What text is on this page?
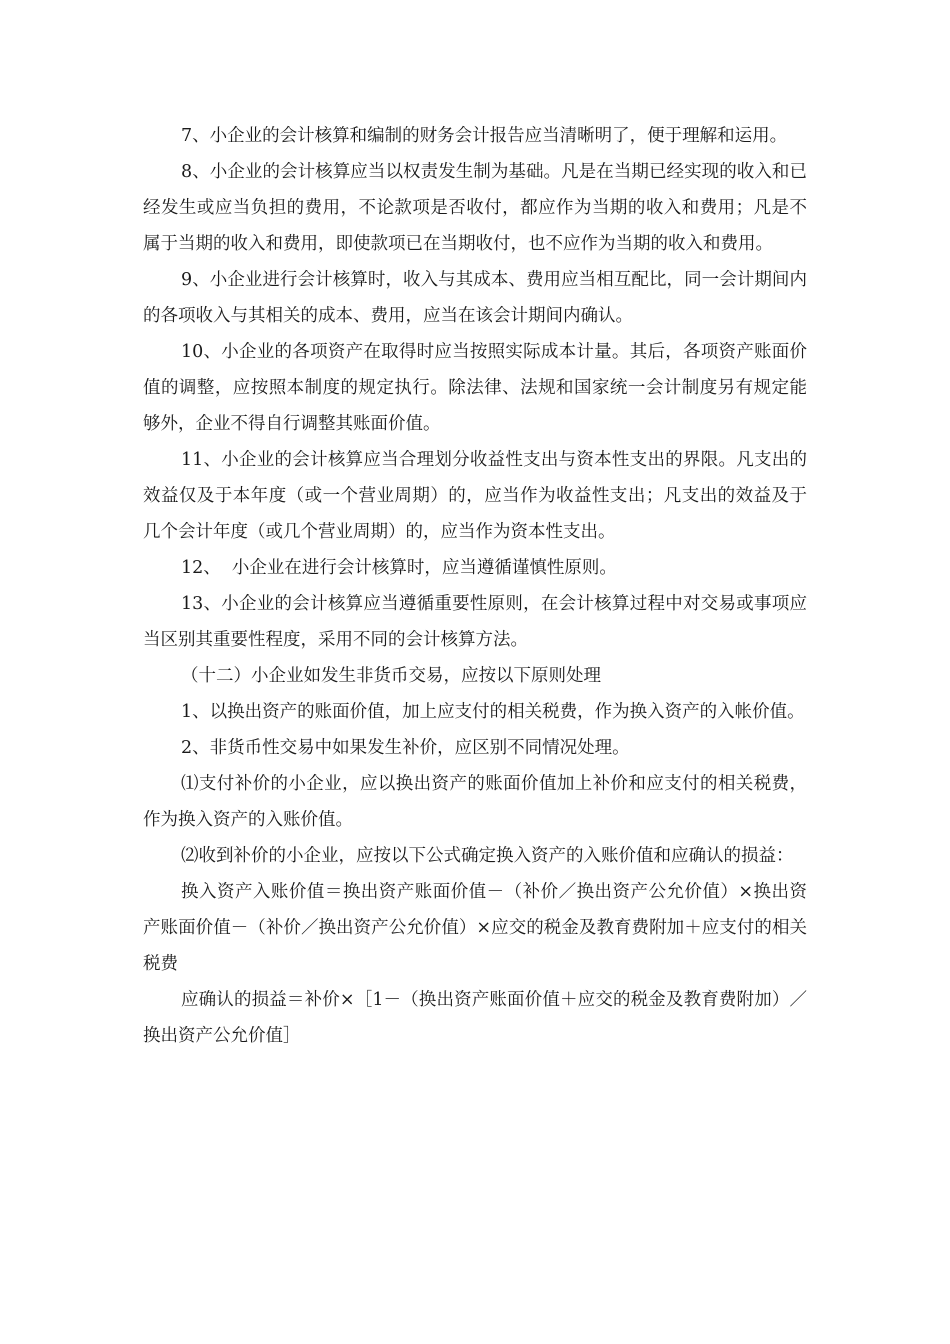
7、小企业的会计核算和编制的财务会计报告应当清晰明了，便于理解和运用。

8、小企业的会计核算应当以权责发生制为基础。凡是在当期已经实现的收入和已经发生或应当负担的费用，不论款项是否收付，都应作为当期的收入和费用；凡是不属于当期的收入和费用，即使款项已在当期收付，也不应作为当期的收入和费用。

9、小企业进行会计核算时，收入与其成本、费用应当相互配比，同一会计期间内的各项收入与其相关的成本、费用，应当在该会计期间内确认。

10、小企业的各项资产在取得时应当按照实际成本计量。其后，各项资产账面价值的调整，应按照本制度的规定执行。除法律、法规和国家统一会计制度另有规定能够外，企业不得自行调整其账面价值。

11、小企业的会计核算应当合理划分收益性支出与资本性支出的界限。凡支出的效益仅及于本年度（或一个营业周期）的，应当作为收益性支出；凡支出的效益及于几个会计年度（或几个营业周期）的，应当作为资本性支出。

12、  小企业在进行会计核算时，应当遵循谨慎性原则。

13、小企业的会计核算应当遵循重要性原则，在会计核算过程中对交易或事项应当区别其重要性程度，采用不同的会计核算方法。

（十二）小企业如发生非货币交易，应按以下原则处理

1、以换出资产的账面价值，加上应支付的相关税费，作为换入资产的入帐价值。

2、非货币性交易中如果发生补价，应区别不同情况处理。

⑴支付补价的小企业，应以换出资产的账面价值加上补价和应支付的相关税费，作为换入资产的入账价值。

⑵收到补价的小企业，应按以下公式确定换入资产的入账价值和应确认的损益：

换入资产入账价值＝换出资产账面价值－（补价／换出资产公允价值）×换出资产账面价值－（补价／换出资产公允价值）×应交的税金及教育费附加＋应支付的相关税费

应确认的损益＝补价×［1－（换出资产账面价值＋应交的税金及教育费附加）／换出资产公允价值］
